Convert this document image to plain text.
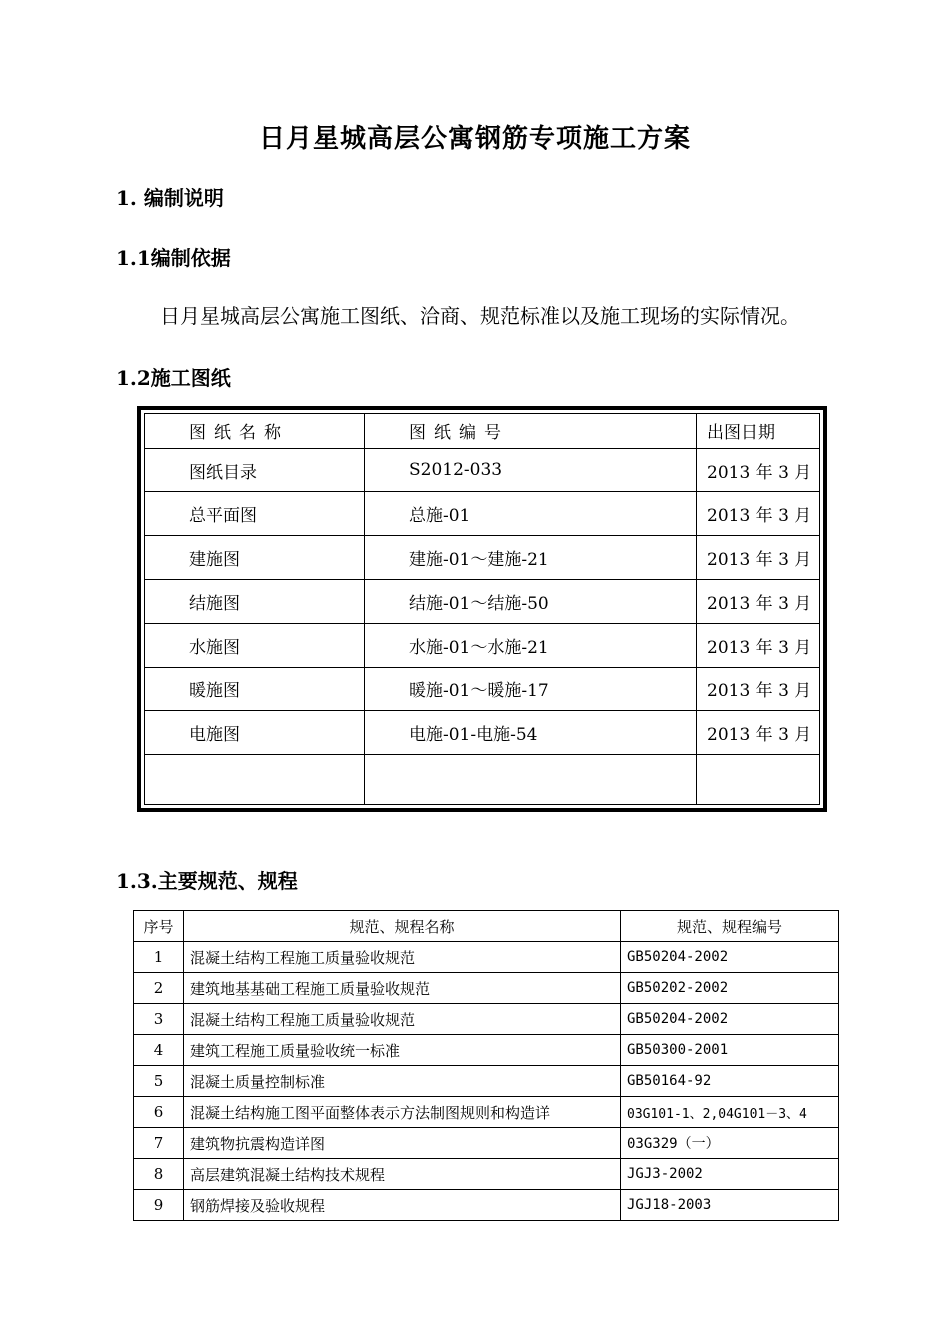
日月星城高层公寓钢筋专项施工方案

1. 编制说明

1.1编制依据

日月星城高层公寓施工图纸、洽商、规范标准以及施工现场的实际情况。

1.2施工图纸

图纸名称	图纸编号	出图日期
图纸目录	S2012-033	2013 年 3 月
总平面图	总施-01	2013 年 3 月
建施图	建施-01～建施-21	2013 年 3 月
结施图	结施-01～结施-50	2013 年 3 月
水施图	水施-01～水施-21	2013 年 3 月
暖施图	暖施-01～暖施-17	2013 年 3 月
电施图	电施-01-电施-54	2013 年 3 月

1.3.主要规范、规程

序号	规范、规程名称	规范、规程编号
1	混凝土结构工程施工质量验收规范	GB50204-2002
2	建筑地基基础工程施工质量验收规范	GB50202-2002
3	混凝土结构工程施工质量验收规范	GB50204-2002
4	建筑工程施工质量验收统一标准	GB50300-2001
5	混凝土质量控制标准	GB50164-92
6	混凝土结构施工图平面整体表示方法制图规则和构造详	03G101-1、2,04G101－3、4
7	建筑物抗震构造详图	03G329（一）
8	高层建筑混凝土结构技术规程	JGJ3-2002
9	钢筋焊接及验收规程	JGJ18-2003
